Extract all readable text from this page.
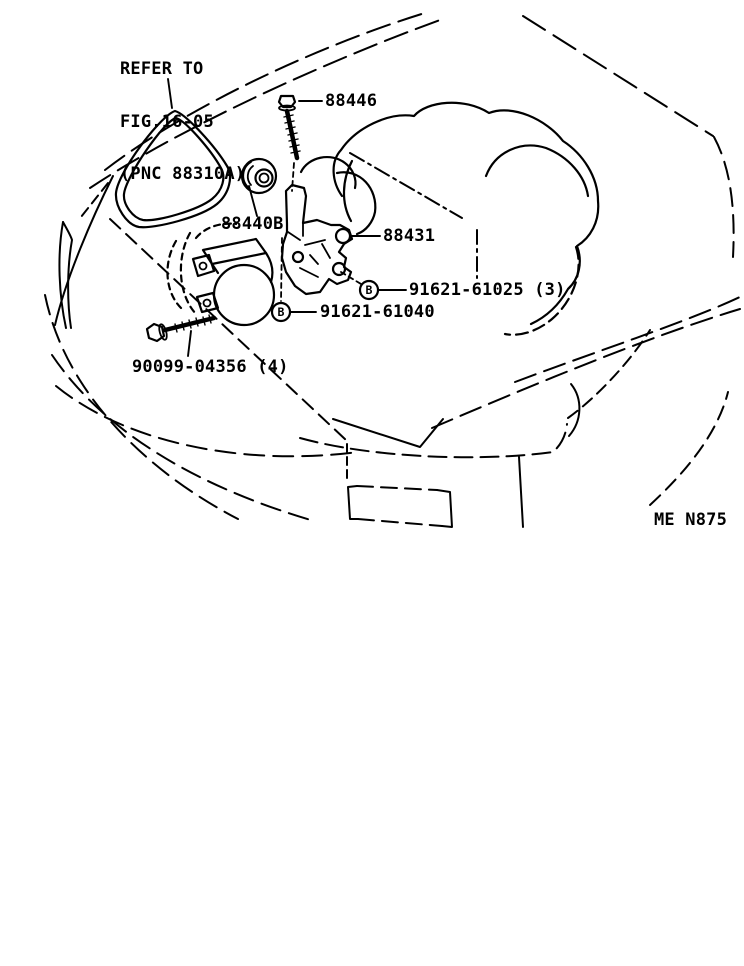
B
B

REFER TO

FIG.16-05

(PNC 88310A)

88446
88440B
88431
91621-61025 (3)
91621-61040
90099-04356 (4)
ME N875
